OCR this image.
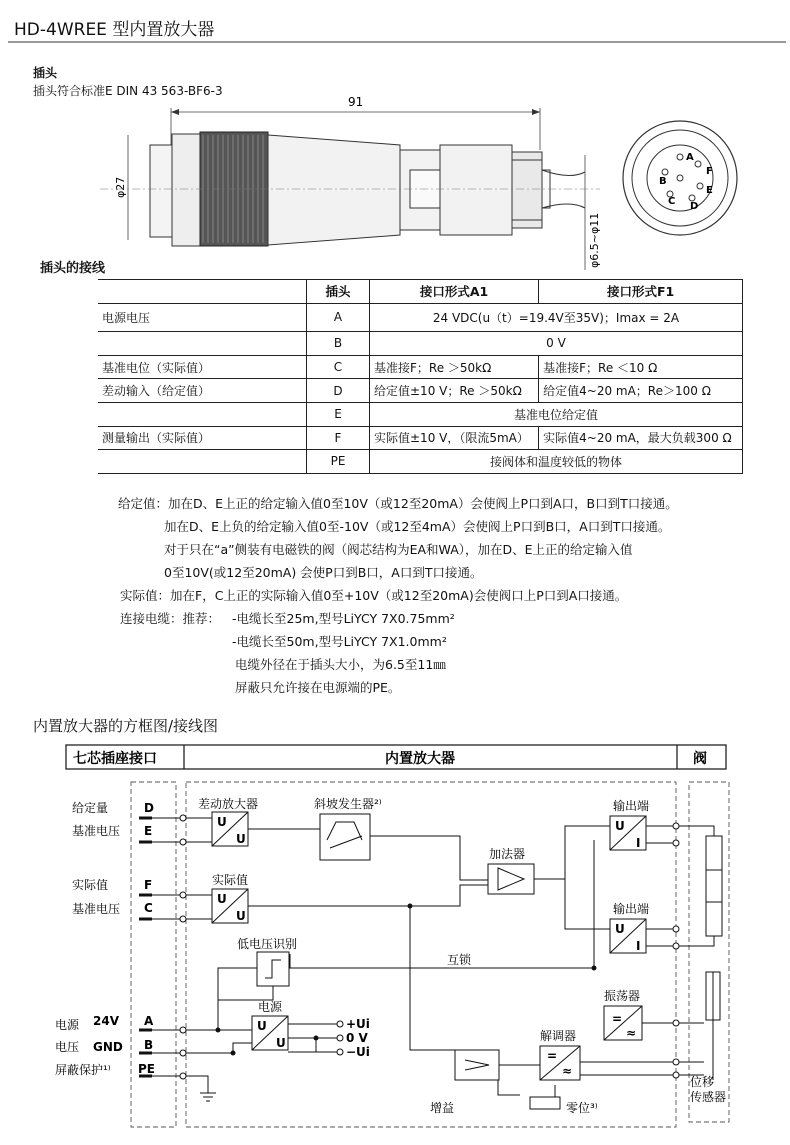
HD-4WREE 型内置放大器
插头
插头符合标准E DIN 43 563-BF6-3
91
φ27
φ6.5~φ11
A
B
C D
E
F
插头的接线
	插头	接口形式A1	接口形式F1
电源电压	A	24 VDC(u（t）=19.4V至35V)；Imax = 2A	
	B	0 V	
基准电位（实际值）	C	基准接F；Re ＞50kΩ	基准接F；Re ＜10 Ω
差动输入（给定值）	D	给定值±10 V；Re ＞50kΩ	给定值4~20 mA；Re＞100 Ω
	E	基准电位给定值	
测量输出（实际值）	F	实际值±10 V，（限流5mA）	实际值4~20 mA，最大负载300 Ω
	PE	接阀体和温度较低的物体	
给定值：加在D、E上正的给定输入值0至10V（或12至20mA）会使阀上P口到A口，B口到T口接通。
加在D、E上负的给定输入值0至-10V（或12至4mA）会使阀上P口到B口，A口到T口接通。
对于只在“a”侧装有电磁铁的阀（阀芯结构为EA和WA），加在D、E上正的给定输入值
0至10V(或12至20mA) 会使P口到B口，A口到T口接通。
实际值：加在F，C上正的实际输入值0至+10V（或12至20mA)会使阀口上P口到A口接通。
连接电缆：推荐： -电缆长至25m,型号LiYCY 7X0.75mm²
-电缆长至50m,型号LiYCY 7X1.0mm²
电缆外径在于插头大小，为6.5至11㎜
屏蔽只允许接在电源端的PE。
内置放大器的方框图/接线图
七芯插座接口	内置放大器	阀
给定量
基准电压
实际值
基准电压
电源
电压
屏蔽保护¹⁾
24V
GND
D
E
F
C
A
B
PE
U
U
U
U
U
U
U
I
U
I
差动放大器	斜坡发生器²⁾
加法器
实际值
输出端
输出端
低电压识别
互锁
电源
振荡器
解调器
增益	零位³⁾
位移传感器
+Ui
0 V
−Ui
=
≈
=
≈
